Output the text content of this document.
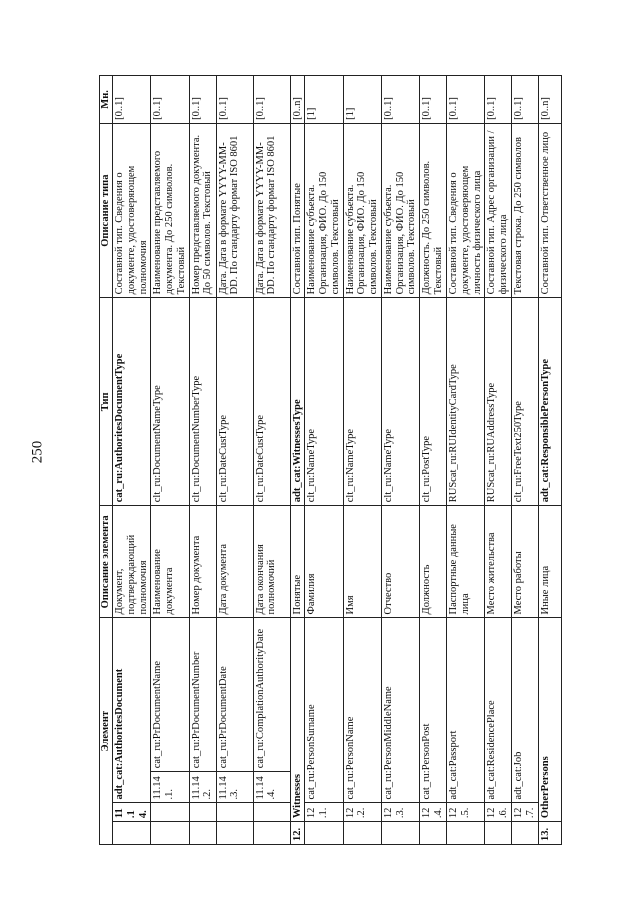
250
Элемент				Описание элемента	Тип	Описание типа	Мн.
	11.14.	adt_cat:AuthoritesDocument		Документ, подтверждающий полномочия	cat_ru:AuthoritesDocumentType	Составной тип. Сведения о документе, удостоверяющем полномочия	[0..1]
		11.14.1.	cat_ru:PrDocumentName	Наименование документа	clt_ru:DocumentNameType	Наименование представляемого документа. До 250 символов. Текстовый	[0..1]
		11.14.2.	cat_ru:PrDocumentNumber	Номер документа	clt_ru:DocumentNumberType	Номер представляемого документа. До 50 символов. Текстовый	[0..1]
		11.14.3.	cat_ru:PrDocumentDate	Дата документа	clt_ru:DateCustType	Дата. Дата в формате YYYY-MM-DD. По стандарту формат ISO 8601	[0..1]
		11.14.4.	cat_ru:ComplationAuthorityDate	Дата окончания полномочий	clt_ru:DateCustType	Дата. Дата в формате YYYY-MM-DD. По стандарту формат ISO 8601	[0..1]
12.	Witnesses			Понятые	adt_cat:WitnessesType	Составной тип. Понятые	[0..n]
	12.1.	cat_ru:PersonSurname		Фамилия	clt_ru:NameType	Наименование субъекта. Организация, ФИО. До 150 символов. Текстовый	[1]
	12.2.	cat_ru:PersonName		Имя	clt_ru:NameType	Наименование субъекта. Организация, ФИО. До 150 символов. Текстовый	[1]
	12.3.	cat_ru:PersonMiddleName		Отчество	clt_ru:NameType	Наименование субъекта. Организация, ФИО. До 150 символов. Текстовый	[0..1]
	12.4.	cat_ru:PersonPost		Должность	clt_ru:PostType	Должность. До 250 символов. Текстовый	[0..1]
	12.5.	adt_cat:Passport		Паспортные данные лица	RUScat_ru:RUIdentityCardType	Составной тип. Сведения о документе, удостоверяющем личность физического лица	[0..1]
	12.6.	adt_cat:ResidencePlace		Место жительства	RUScat_ru:RUAddressType	Составной тип. Адрес организации / физического лица	[0..1]
	12.7.	adt_cat:Job		Место работы	clt_ru:FreeText250Type	Текстовая строка. До 250 символов	[0..1]
13.	OtherPersons			Иные лица	adt_cat:ResponsiblePersonType	Составной тип. Ответственное лицо	[0..n]
